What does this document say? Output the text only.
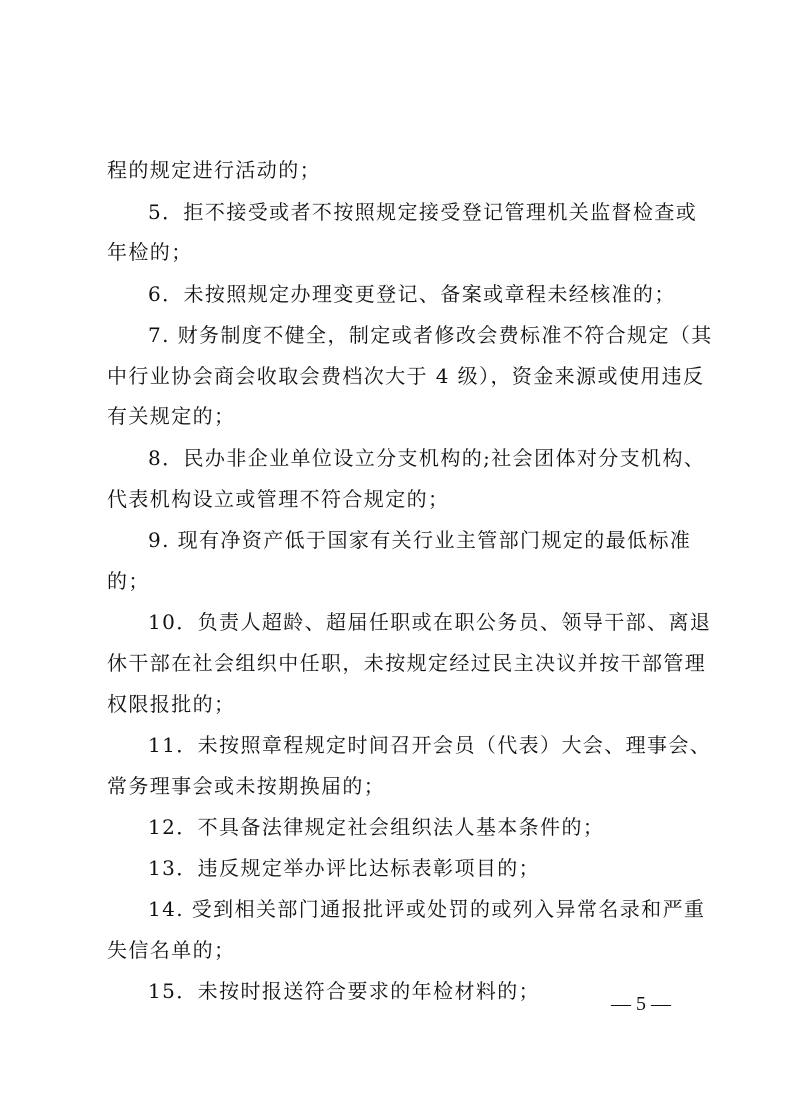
程的规定进行活动的；
5．拒不接受或者不按照规定接受登记管理机关监督检查或
年检的；
6．未按照规定办理变更登记、备案或章程未经核准的；
7. 财务制度不健全，制定或者修改会费标准不符合规定（其
中行业协会商会收取会费档次大于 4 级），资金来源或使用违反
有关规定的；
8．民办非企业单位设立分支机构的;社会团体对分支机构、
代表机构设立或管理不符合规定的；
9. 现有净资产低于国家有关行业主管部门规定的最低标准
的；
10．负责人超龄、超届任职或在职公务员、领导干部、离退
休干部在社会组织中任职，未按规定经过民主决议并按干部管理
权限报批的；
11．未按照章程规定时间召开会员（代表）大会、理事会、
常务理事会或未按期换届的；
12．不具备法律规定社会组织法人基本条件的；
13．违反规定举办评比达标表彰项目的；
14. 受到相关部门通报批评或处罚的或列入异常名录和严重
失信名单的；
15．未按时报送符合要求的年检材料的；
— 5 —
